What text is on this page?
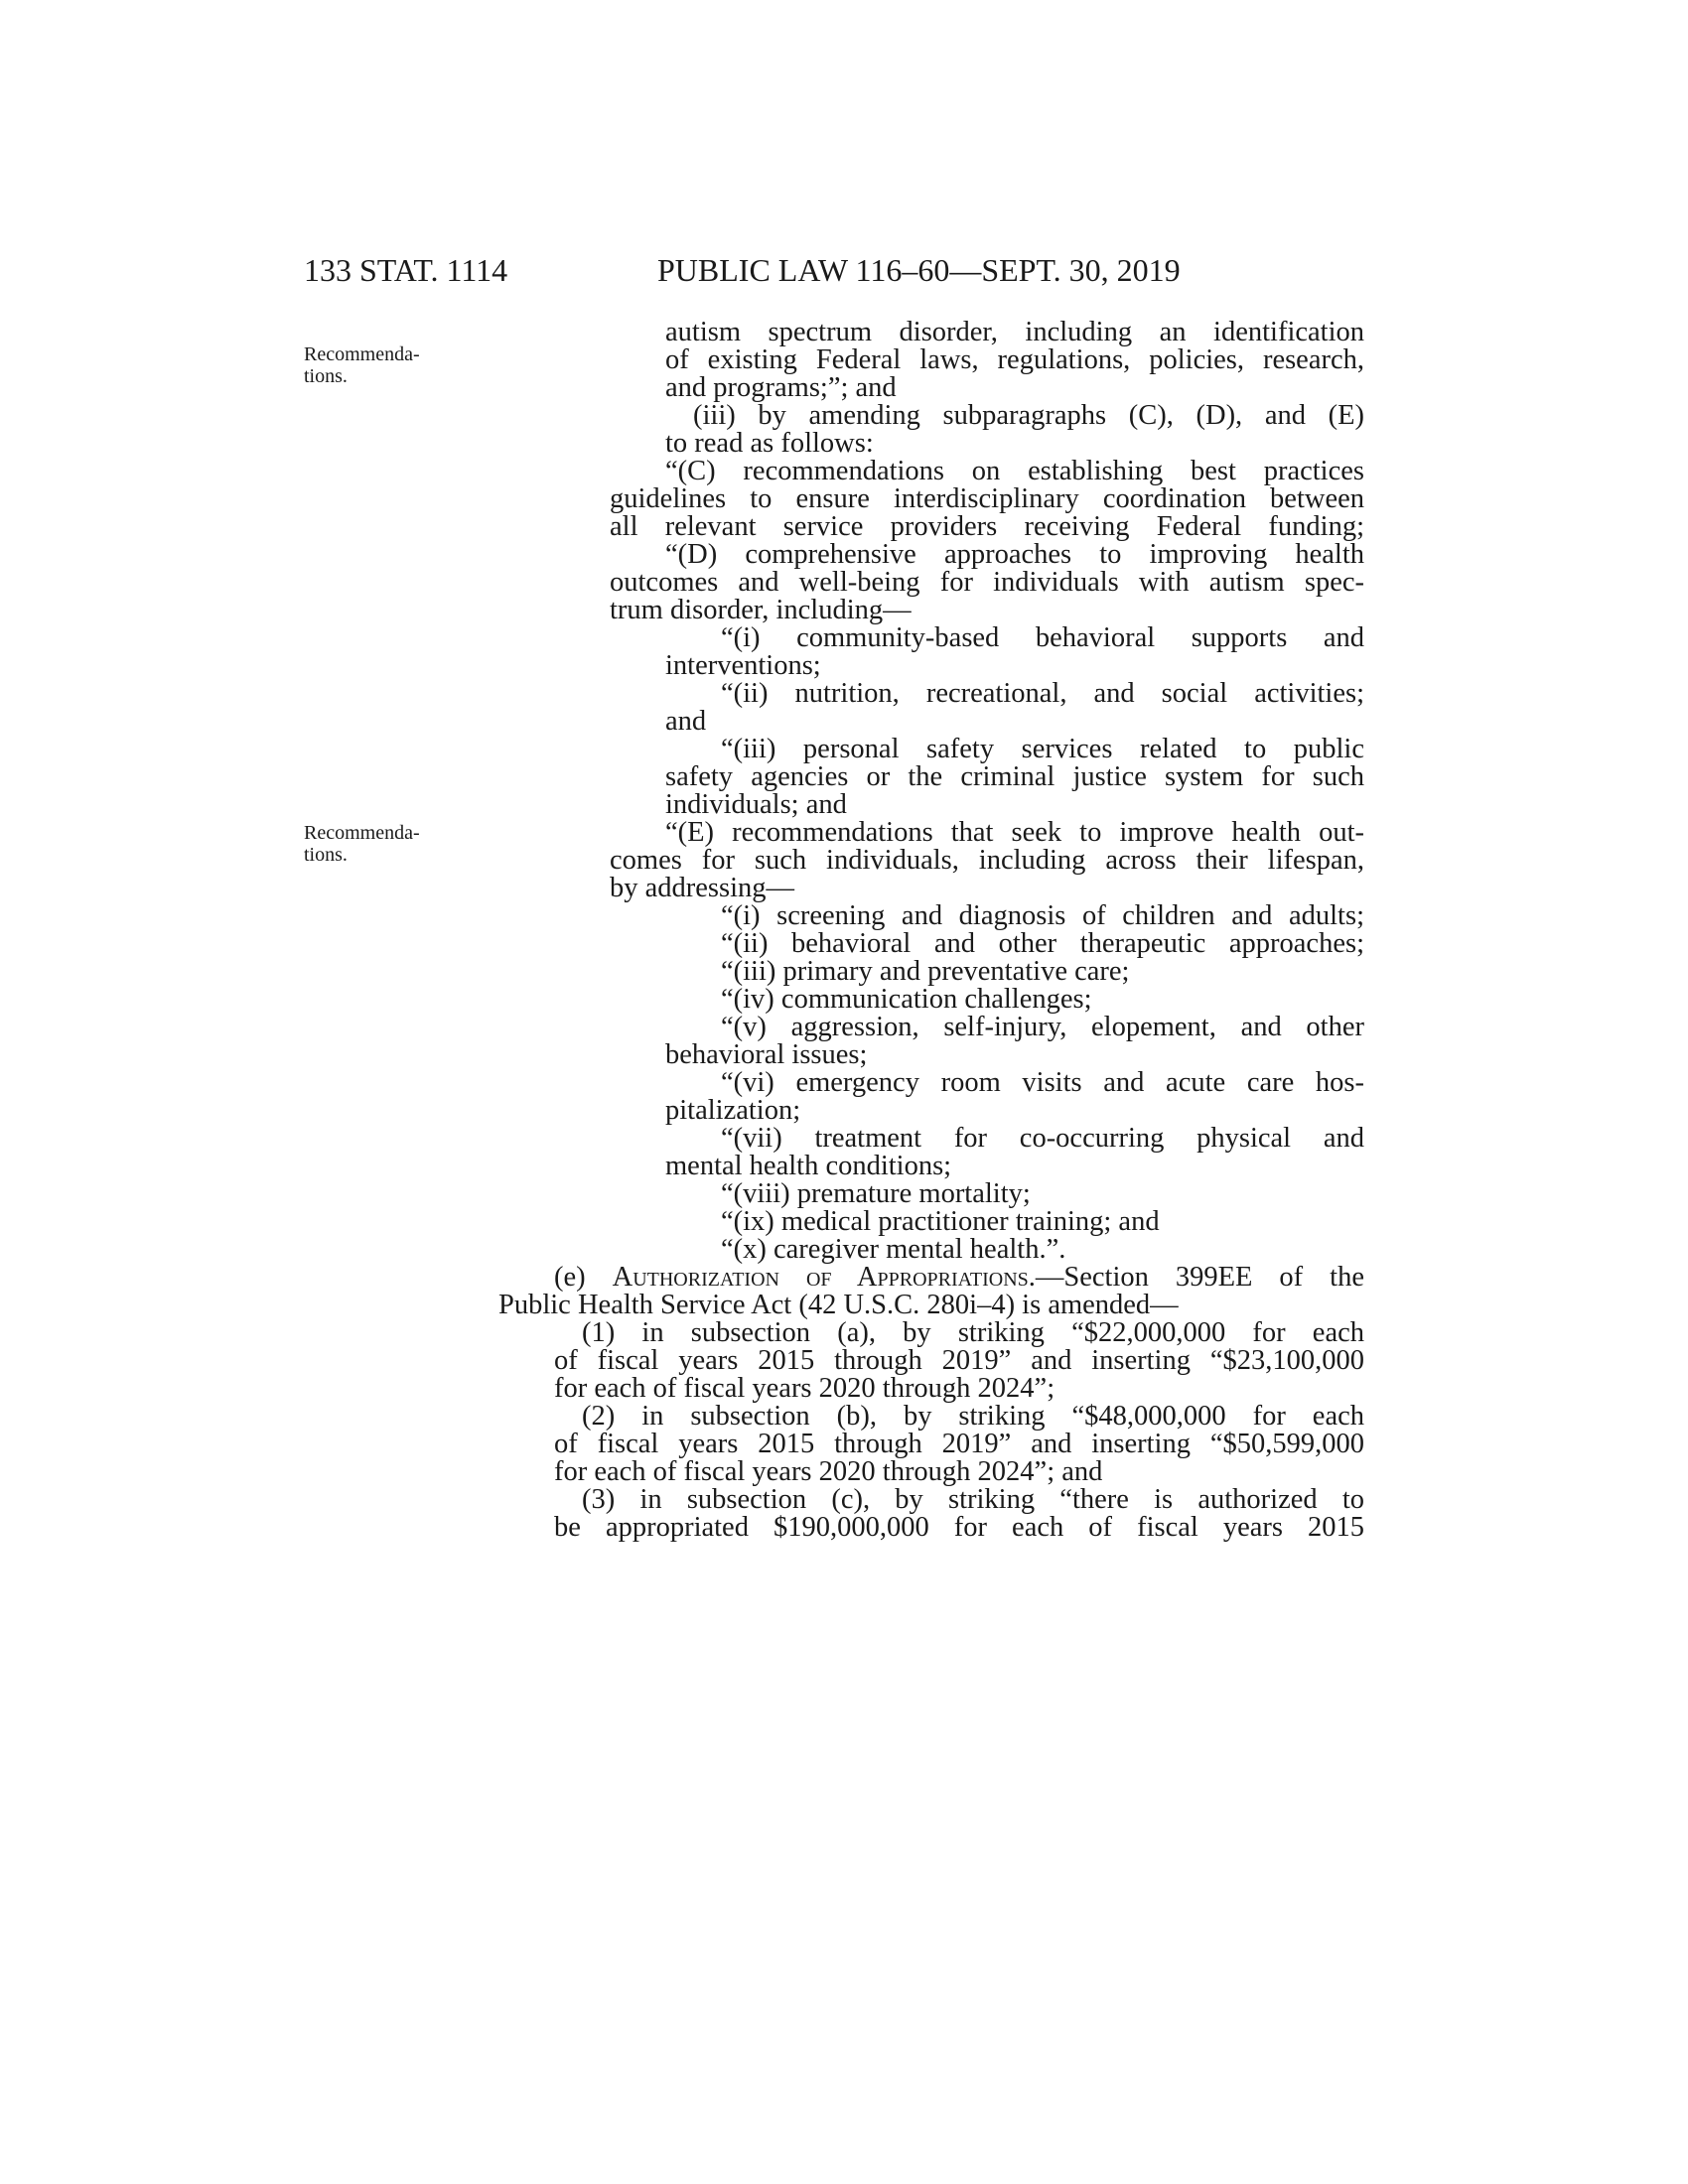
133 STAT. 1114	PUBLIC LAW 116–60—SEPT. 30, 2019
Recommenda-
tions.
Recommenda-
tions.
autism spectrum disorder, including an identification
of existing Federal laws, regulations, policies, research,
and programs;”; and
(iii) by amending subparagraphs (C), (D), and (E)
to read as follows:
“(C) recommendations on establishing best practices
guidelines to ensure interdisciplinary coordination between
all relevant service providers receiving Federal funding;
“(D) comprehensive approaches to improving health
outcomes and well-being for individuals with autism spec-
trum disorder, including—
“(i) community-based behavioral supports and
interventions;
“(ii) nutrition, recreational, and social activities;
and
“(iii) personal safety services related to public
safety agencies or the criminal justice system for such
individuals; and
“(E) recommendations that seek to improve health out-
comes for such individuals, including across their lifespan,
by addressing—
“(i) screening and diagnosis of children and adults;
“(ii) behavioral and other therapeutic approaches;
“(iii) primary and preventative care;
“(iv) communication challenges;
“(v) aggression, self-injury, elopement, and other
behavioral issues;
“(vi) emergency room visits and acute care hos-
pitalization;
“(vii) treatment for co-occurring physical and
mental health conditions;
“(viii) premature mortality;
“(ix) medical practitioner training; and
“(x) caregiver mental health.”.
(e) Authorization of Appropriations.—Section 399EE of the
Public Health Service Act (42 U.S.C. 280i–4) is amended—
(1) in subsection (a), by striking “$22,000,000 for each
of fiscal years 2015 through 2019” and inserting “$23,100,000
for each of fiscal years 2020 through 2024”;
(2) in subsection (b), by striking “$48,000,000 for each
of fiscal years 2015 through 2019” and inserting “$50,599,000
for each of fiscal years 2020 through 2024”; and
(3) in subsection (c), by striking “there is authorized to
be appropriated $190,000,000 for each of fiscal years 2015
